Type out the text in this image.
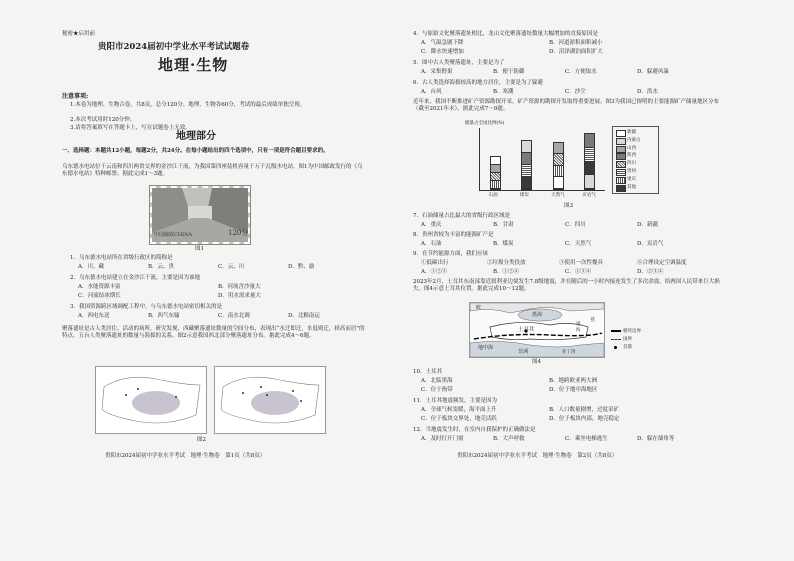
秘密★启用前
贵阳市2024届初中学业水平考试试题卷
地理·生物
注意事项:
1.本卷为地理、生物合卷，共8页，总分120分。地理、生物各60分，考试的最后成绩单独呈现。
2.本次考试用时120分钟。
3.请将答案填写在答题卡上，写在试题卷上无效。
地理部分
一、选择题：本题共12小题，每题2分，共24分。在每小题给出的四个选项中，只有一项是符合题目要求的。
乌东德水电站位于云南和四川两省交界的金沙江干流，为我国第四座装机容量千万千瓦级水电站。图1为中国邮政发行的《乌东德水电站》特种邮票。据此完成1～3题。
中国邮政CHINA	120分
图1
1．乌东德水电站所在省级行政区的简称是
A．川、藏	B．云、贵	C．云、川	D．黔、渝
2．乌东德水电站建立在金沙江干流，主要是因为该地
A．水能资源丰富	B．河流含沙量大
C．河流结冰期长	D．用水需求量大
3．我国资源跨区域调配工程中，与乌东德水电站密切相关的是
A．西电东送	B．西气东输	C．南水北调	D．北粮南运
聚落遗址是古人类居住、活动的场所，研究发现，西藏聚落遗址数量的空间分布，表现出“水迁即迁，水退则迁，择高而居”的特点。五台人类聚落遗址的数量与海拔的关系，图2示意我国西北部分聚落遗址分布。据此完成4～6题。
图2
贵阳市2024届初中学业水平考试　地理·生物卷　第1页（共8页）
4．与原始文化聚落遗址相比，龙山文化聚落遗址数量大幅增加的直接原因是
A．气温急剧下降	B．河道淤积面积减小
C．降水快速增加	D．沼泽湖泊面积扩大
5．图中古人类聚落遗址，主要是为了
A．采集野果	B．便于防御	C．方便取水	D．躲避风暴
6．古人类选择海拔较高的地方居住，主要是为了躲避
A．台风	B．寒潮	C．沙尘	D．洪水
近年来，我国不断推进矿产资源勘探开采，矿产资源的勘探开发取得重要进展。图3为我国已探明的主要能源矿产储量地区分布（截至2021年末）。据此完成7～9题。
储量占全国比例(%)
石油	煤炭	天然气	页岩气
新疆
内蒙古
山西
陕西
四川
贵州
重庆
其他
图3
7．石油储量占比最大的省级行政区域是
A．重庆	B．甘肃	C．四川	D．新疆
8．贵州省较为丰富的能源矿产是
A．石油	B．煤炭	C．天然气	D．页岩气
9．在节约能源方面，我们应该
①低碳出行	②垃圾分类投放	③使用一次性餐具	④合理设定空调温度
A．①②③	B．①②④	C．①③④	D．②③④
2023年2月，土耳其东南部靠近叙利亚边境发生7.8级地震，并在随后的一小时内接连发生了多次余震。给两国人民带来巨大损失。图4示意土耳其位置。据此完成10～12题。
欧
黑海
土耳其
亚
里
海
地中海
非洲	亚丁湾
板块边界
国界
首都
图4
10．土耳其
A．北临黑海	B．地跨欧亚两大洲
C．位于热带	D．位于地中海地区
11．土耳其地震频发，主要是因为
A．全球气候变暖，海平面上升	B．人口数量剧增，过度采矿
C．位于板块交界处，地壳活跃	D．位于板块内部，地壳稳定
12．当地震发生时，在室内自我保护的正确做法是
A．及时打开门窗	B．大声呼救	C．乘坐电梯逃生	D．躲在墙角等
贵阳市2024届初中学业水平考试　地理·生物卷　第2页（共8页）
